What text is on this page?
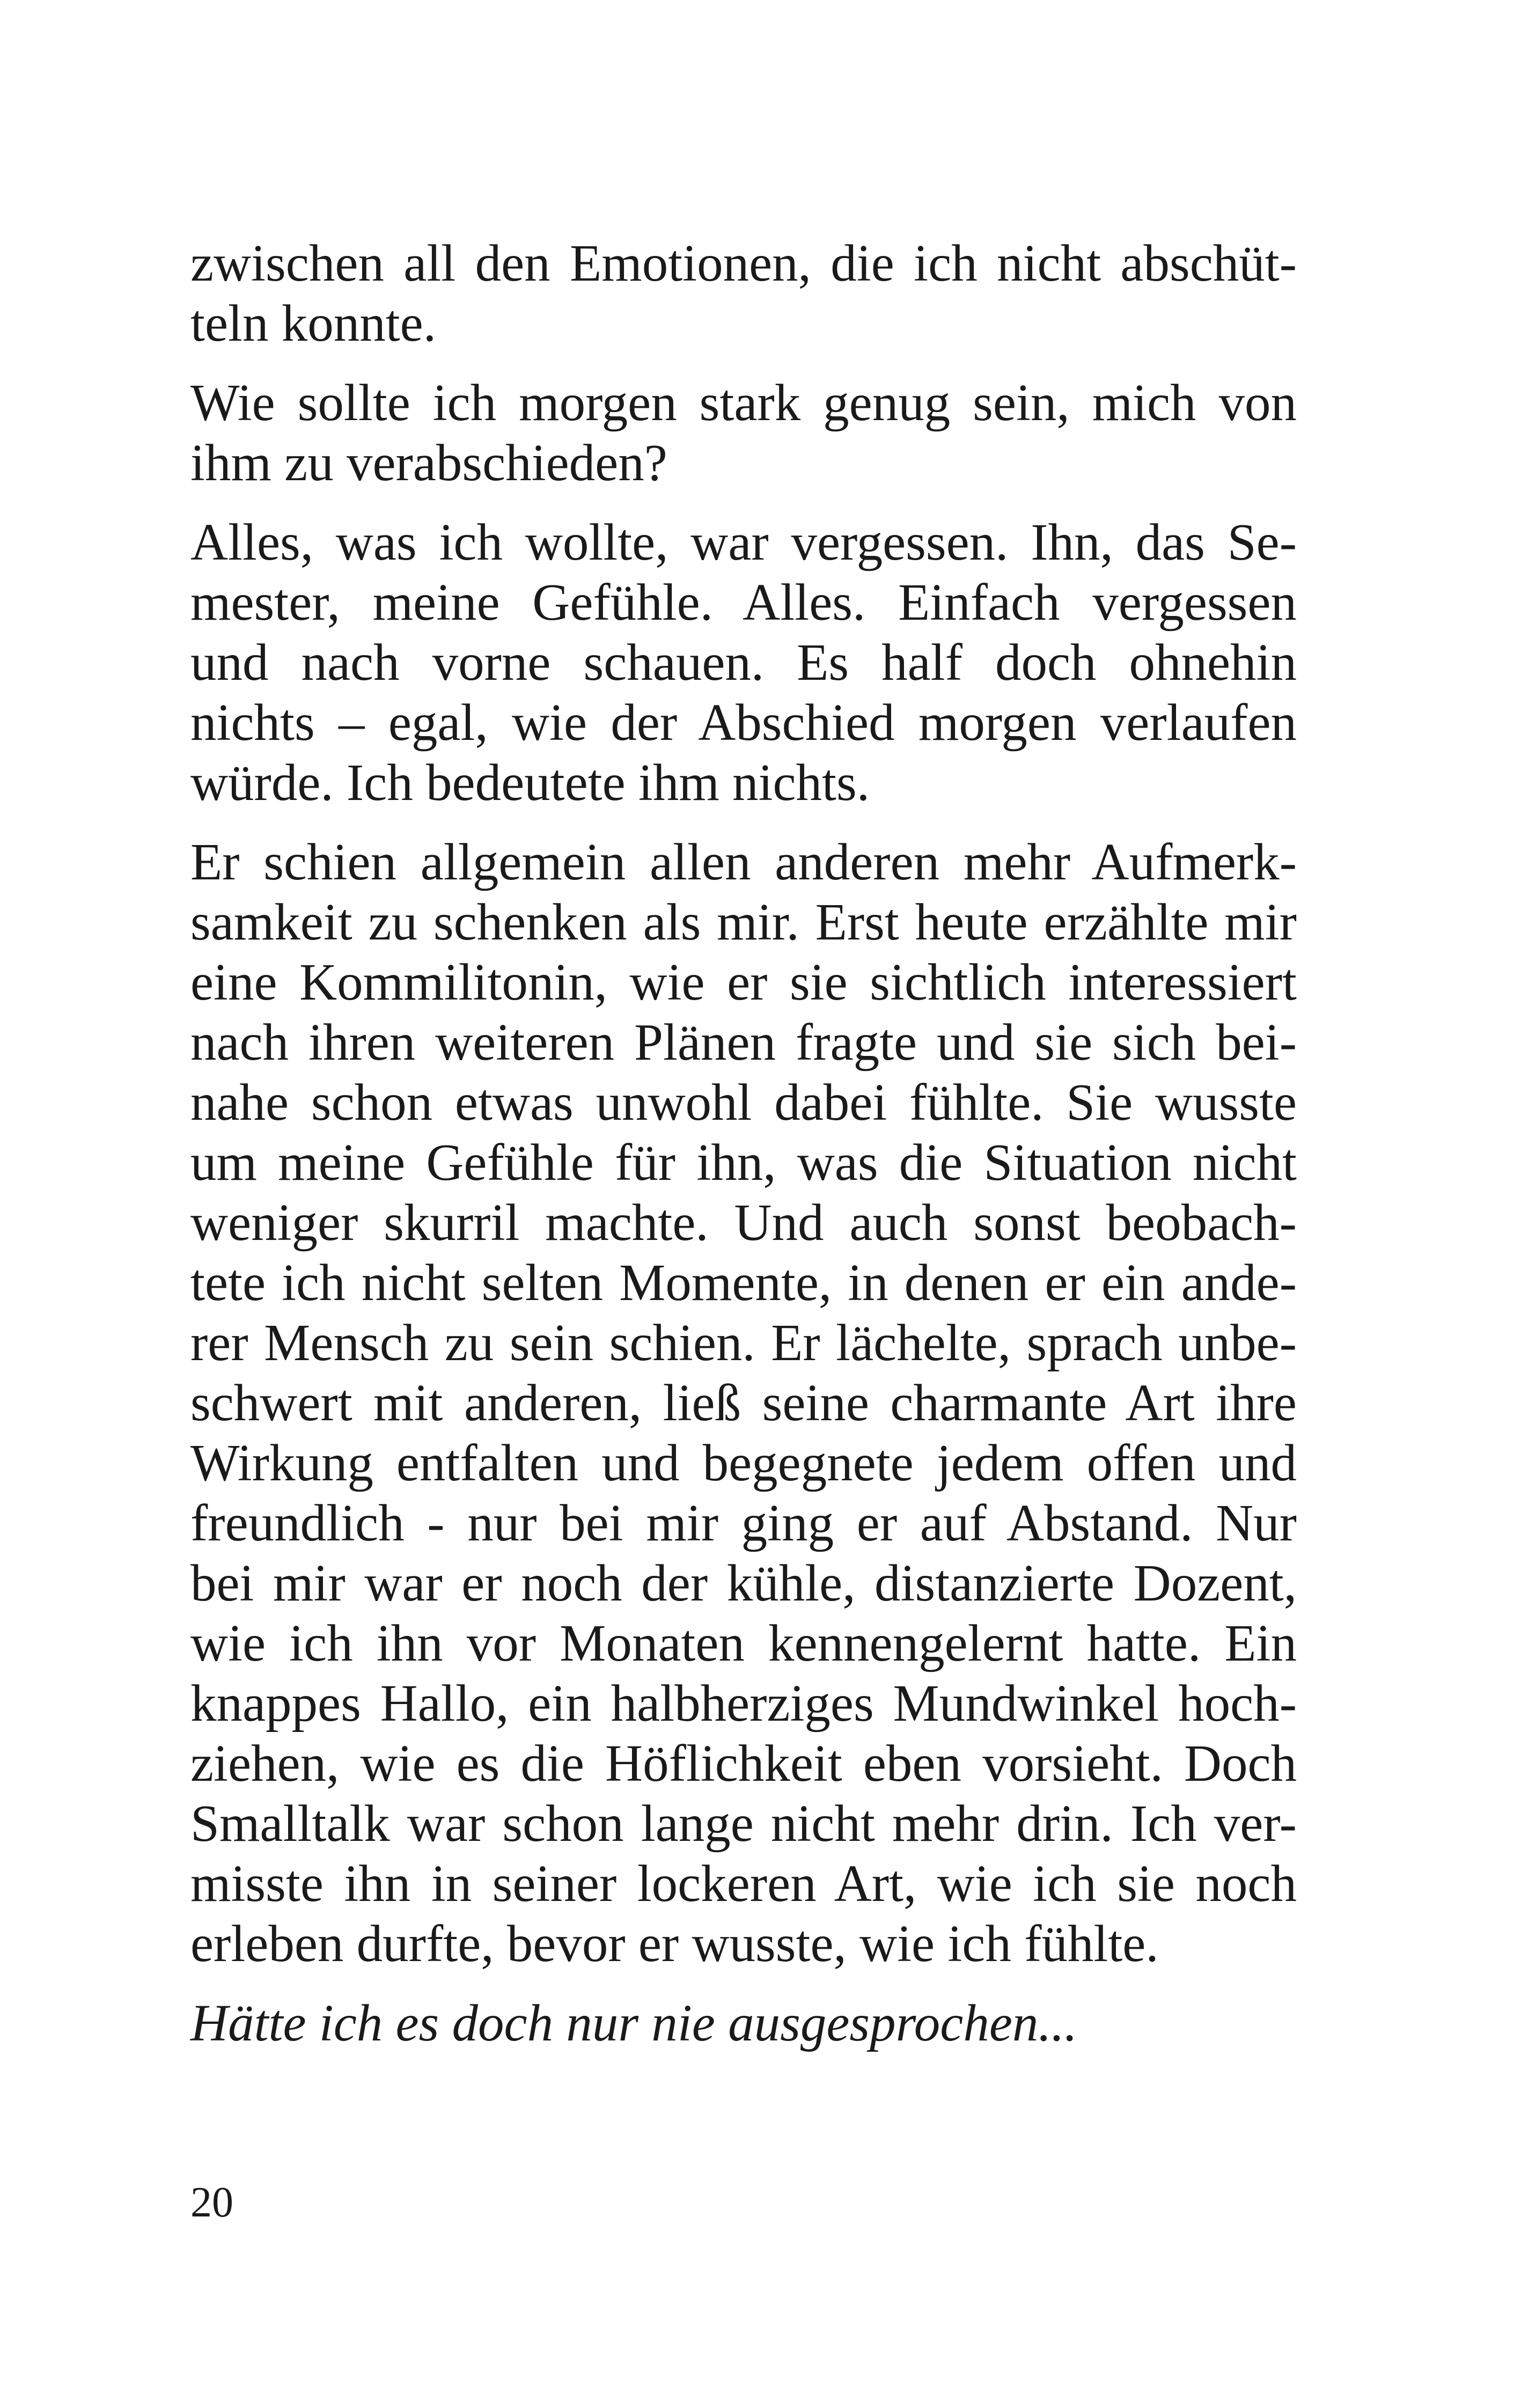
zwischen all den Emotionen, die ich nicht abschüt-
teln konnte.

Wie sollte ich morgen stark genug sein, mich von
ihm zu verabschieden?

Alles, was ich wollte, war vergessen. Ihn, das Se-
mester, meine Gefühle. Alles. Einfach vergessen
und nach vorne schauen. Es half doch ohnehin
nichts – egal, wie der Abschied morgen verlaufen
würde. Ich bedeutete ihm nichts.

Er schien allgemein allen anderen mehr Aufmerk-
samkeit zu schenken als mir. Erst heute erzählte mir
eine Kommilitonin, wie er sie sichtlich interessiert
nach ihren weiteren Plänen fragte und sie sich bei-
nahe schon etwas unwohl dabei fühlte. Sie wusste
um meine Gefühle für ihn, was die Situation nicht
weniger skurril machte. Und auch sonst beobach-
tete ich nicht selten Momente, in denen er ein ande-
rer Mensch zu sein schien. Er lächelte, sprach unbe-
schwert mit anderen, ließ seine charmante Art ihre
Wirkung entfalten und begegnete jedem offen und
freundlich - nur bei mir ging er auf Abstand. Nur
bei mir war er noch der kühle, distanzierte Dozent,
wie ich ihn vor Monaten kennengelernt hatte. Ein
knappes Hallo, ein halbherziges Mundwinkel hoch-
ziehen, wie es die Höflichkeit eben vorsieht. Doch
Smalltalk war schon lange nicht mehr drin. Ich ver-
misste ihn in seiner lockeren Art, wie ich sie noch
erleben durfte, bevor er wusste, wie ich fühlte.

Hätte ich es doch nur nie ausgesprochen...

20
